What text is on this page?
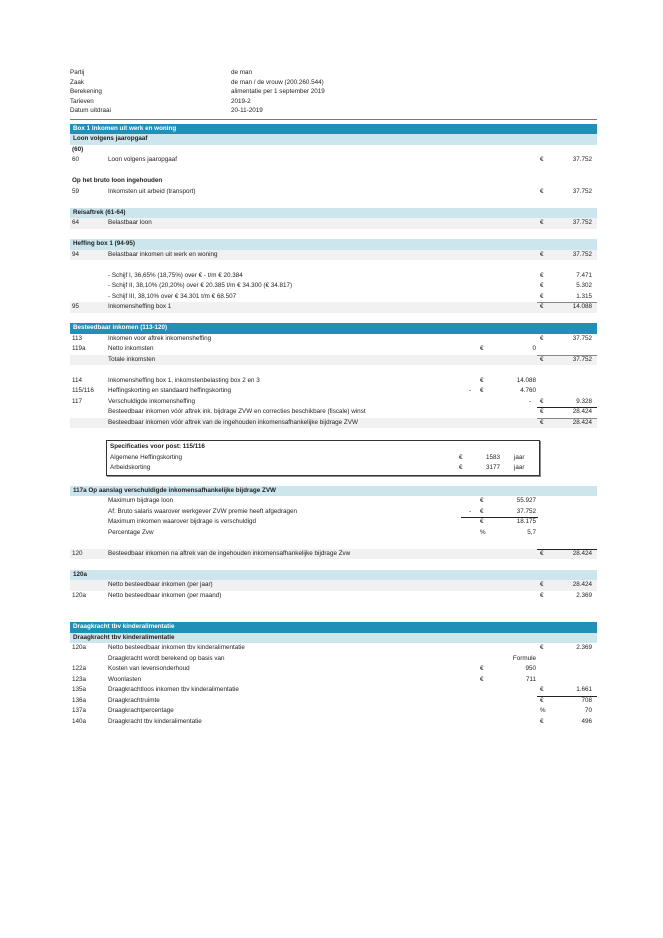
Partij	de man
Zaak	de man / de vrouw (200.260.544)
Berekening	alimentatie per 1 september 2019
Tarieven	2019-2
Datum uitdraai	20-11-2019
Box 1 Inkomen uit werk en woning
Loon volgens jaaropgaaf
(60)
60	Loon volgens jaaropgaaf	€	37.752
Op het bruto loon ingehouden
59	Inkomsten uit arbeid (transport)	€	37.752
Reisaftrek (61-64)
64	Belastbaar loon	€	37.752
Heffing box 1 (94-95)
94	Belastbaar inkomen uit werk en woning	€	37.752
- Schijf I, 36,65% (18,75%) over € - t/m € 20.384	€	7.471
- Schijf II, 38,10% (20,20%) over € 20.385 t/m € 34.300 (€ 34.817)	€	5.302
- Schijf III, 38,10% over € 34.301 t/m € 68.507	€	1.315
95	Inkomensheffing box 1	€	14.088
Besteedbaar inkomen (113-120)
113	Inkomen voor aftrek inkomensheffing	€	37.752
119a	Netto inkomsten	€	0
Totale inkomsten	€	37.752
114	Inkomensheffing box 1, inkomstenbelasting box 2 en 3	€	14.088
115/116	Heffingskorting en standaard heffingskorting	-	€	4.760
117	Verschuldigde inkomensheffing	-	€	9.328
Besteedbaar inkomen vóór aftrek ink. bijdrage ZVW en correcties beschikbare (fiscale) winst	€	28.424
Besteedbaar inkomen vóór aftrek van de ingehouden inkomensafhankelijke bijdrage ZVW	€	28.424
Specificaties voor post: 115/116
Algemene Heffingskorting	€	1583 jaar
Arbeidskorting	€	3177 jaar
117a Op aanslag verschuldigde inkomensafhankelijke bijdrage ZVW
Maximum bijdrage loon	€	55.927
Af: Bruto salaris waarover werkgever ZVW premie heeft afgedragen	-	€	37.752
Maximum inkomen waarover bijdrage is verschuldigd	€	18.175
Percentage Zvw	%	5,7
120	Besteedbaar inkomen na aftrek van de ingehouden inkomensafhankelijke bijdrage Zvw	€	28.424
120a
Netto besteedbaar inkomen (per jaar)	€	28.424
120a	Netto besteedbaar inkomen (per maand)	€	2.369
Draagkracht tbv kinderalimentatie
Draagkracht tbv kinderalimentatie
120a	Netto besteedbaar inkomen tbv kinderalimentatie	€	2.369
Draagkracht wordt berekend op basis van	Formule
122a	Kosten van levensonderhoud	€	950
123a	Woonlasten	€	711
135a	Draagkrachtloos inkomen tbv kinderalimentatie	€	1.661
136a	Draagkrachtruimte	€	708
137a	Draagkrachtpercentage	%	70
140a	Draagkracht tbv kinderalimentatie	€	496
